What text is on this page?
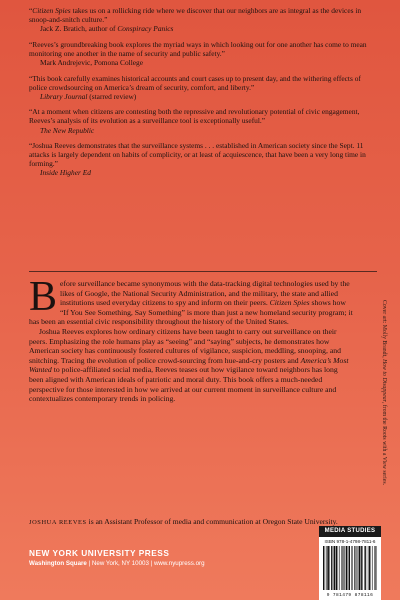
“Citizen Spies takes us on a rollicking ride where we discover that our neighbors are as integral as the devices in snoop-and-snitch culture.”

Jack Z. Bratich, author of Conspiracy Panics

“Reeves’s groundbreaking book explores the myriad ways in which looking out for one another has come to mean monitoring one another in the name of security and public safety.”

Mark Andrejevic, Pomona College

“This book carefully examines historical accounts and court cases up to present day, and the withering effects of police crowdsourcing on America’s dream of security, comfort, and liberty.”

Library Journal (starred review)

“At a moment when citizens are contesting both the repressive and revolutionary potential of civic engagement, Reeves’s analysis of its evolution as a surveillance tool is exceptionally useful.”

The New Republic

“Joshua Reeves demonstrates that the surveillance systems . . . established in American society since the Sept. 11 attacks is largely dependent on habits of complicity, or at least of acquiescence, that have been a very long time in forming.”

Inside Higher Ed

Before surveillance became synonymous with the data-tracking digital technologies used by the likes of Google, the National Security Administration, and the military, the state and allied institutions used everyday citizens to spy and inform on their peers. Citizen Spies shows how “If You See Something, Say Something” is more than just a new homeland security program; it has been an essential civic responsibility throughout the history of the United States.

Joshua Reeves explores how ordinary citizens have been taught to carry out surveillance on their peers. Emphasizing the role humans play as “seeing” and “saying” subjects, he demonstrates how American society has continuously fostered cultures of vigilance, suspicion, meddling, snooping, and snitching. Tracing the evolution of police crowd-sourcing from hue-and-cry posters and America’s Most Wanted to police-affiliated social media, Reeves teases out how vigilance toward neighbors has long been aligned with American ideals of patriotic and moral duty. This book offers a much-needed perspective for those interested in how we arrived at our current moment in surveillance culture and contextualizes contemporary trends in policing.

JOSHUA REEVES is an Assistant Professor of media and communication at Oregon State University.
Cover art: Molly Brandt, How to Disappear, from the Roots with a View series.
NEW YORK UNIVERSITY PRESS
Washington Square | New York, NY 10003 | www.nyupress.org
MEDIA STUDIES
ISBN 978-1-4798-7811-6
9 781479 878116
